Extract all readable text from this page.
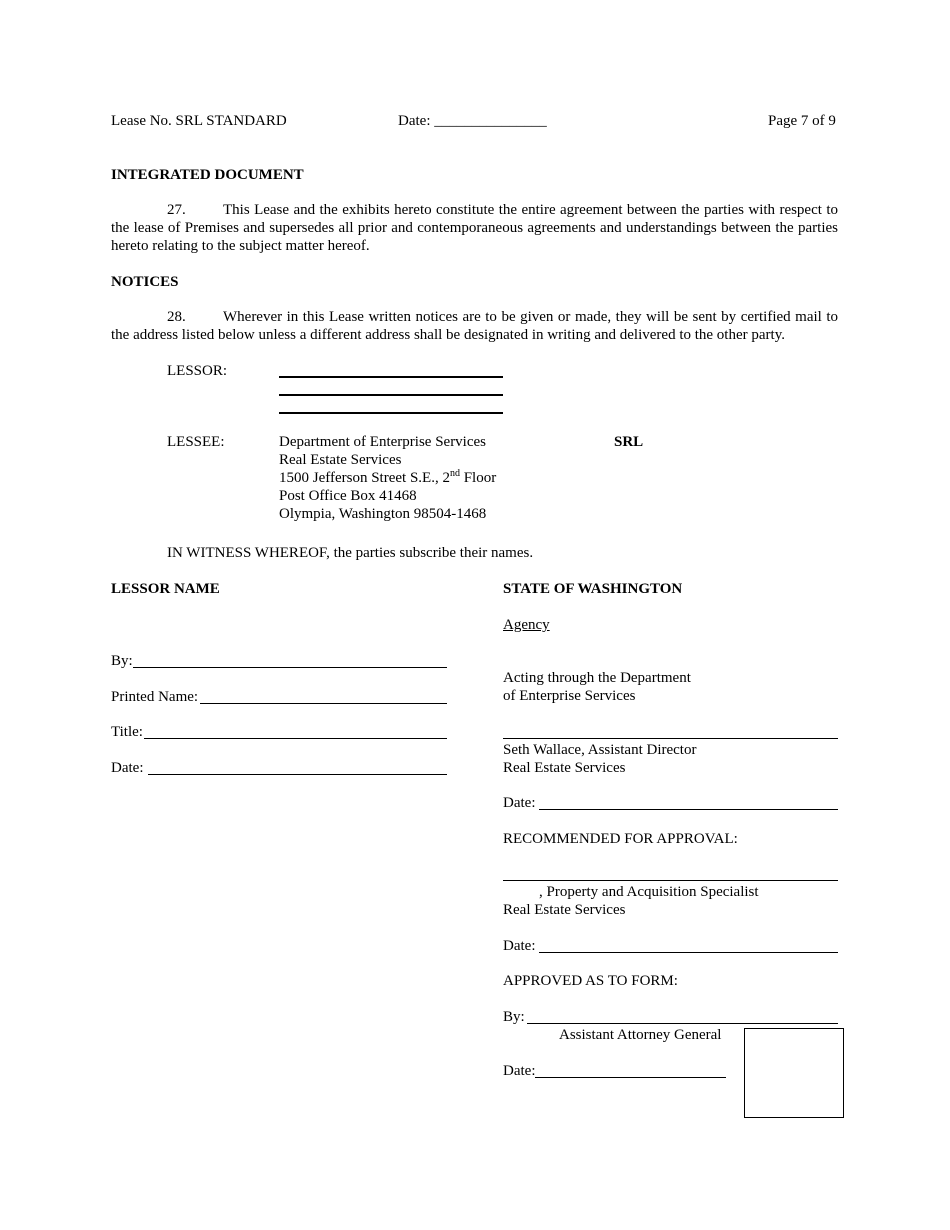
Lease No. SRL STANDARD	Date: _______________	Page 7 of 9
INTEGRATED DOCUMENT
27. This Lease and the exhibits hereto constitute the entire agreement between the parties with respect to the lease of Premises and supersedes all prior and contemporaneous agreements and understandings between the parties hereto relating to the subject matter hereof.
NOTICES
28. Wherever in this Lease written notices are to be given or made, they will be sent by certified mail to the address listed below unless a different address shall be designated in writing and delivered to the other party.
LESSOR:
LESSEE:	Department of Enterprise Services
Real Estate Services
1500 Jefferson Street S.E., 2nd Floor
Post Office Box 41468
Olympia, Washington 98504-1468
SRL
IN WITNESS WHEREOF, the parties subscribe their names.
LESSOR NAME
By:
Printed Name:
Title:
Date:
STATE OF WASHINGTON
Agency
Acting through the Department
of Enterprise Services
Seth Wallace, Assistant Director
Real Estate Services
Date:
RECOMMENDED FOR APPROVAL:
, Property and Acquisition Specialist
Real Estate Services
Date:
APPROVED AS TO FORM:
By:
Assistant Attorney General
Date:
